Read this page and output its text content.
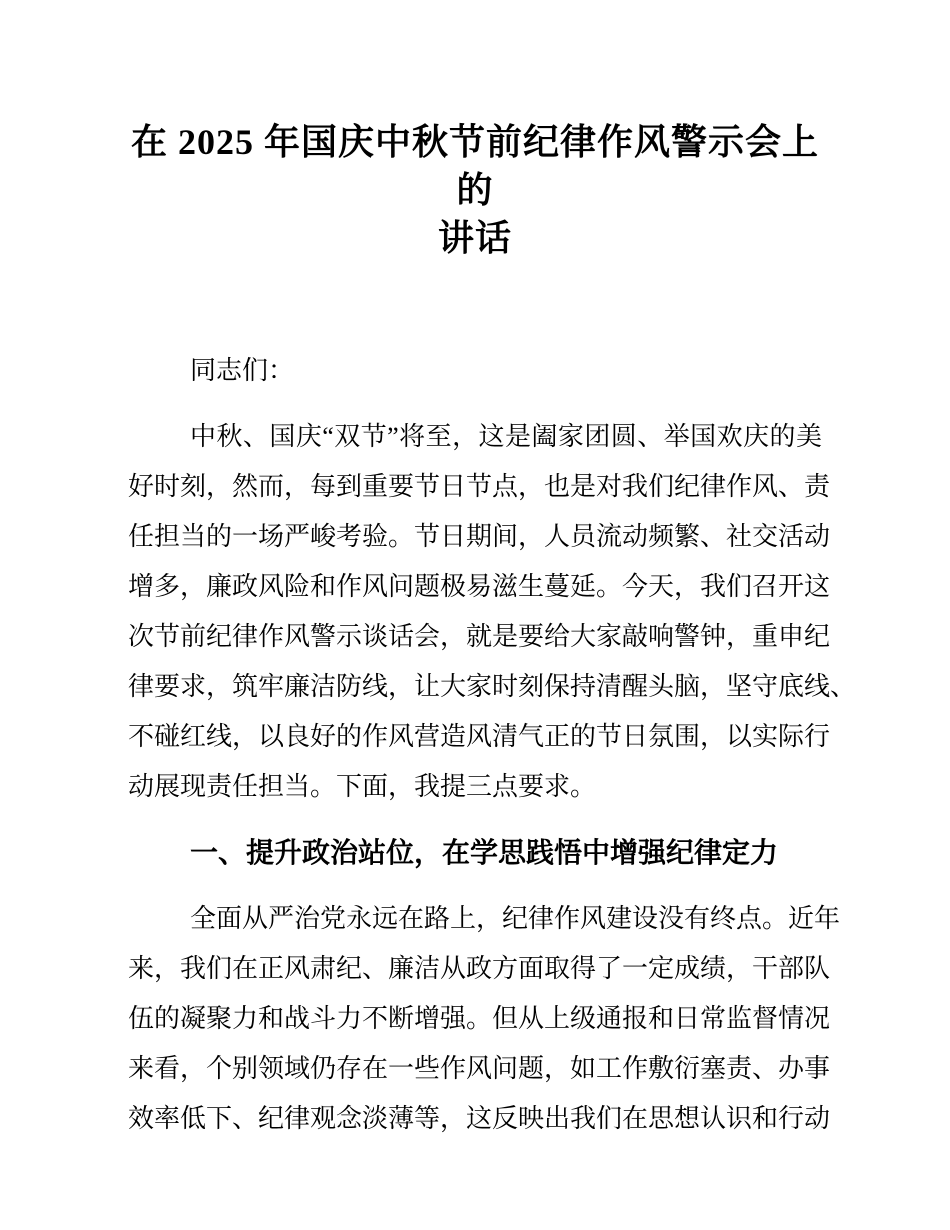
在 2025 年国庆中秋节前纪律作风警示会上的
讲话
同志们：
中秋、国庆“双节”将至，这是阖家团圆、举国欢庆的美
好时刻，然而，每到重要节日节点，也是对我们纪律作风、责
任担当的一场严峻考验。节日期间，人员流动频繁、社交活动
增多，廉政风险和作风问题极易滋生蔓延。今天，我们召开这
次节前纪律作风警示谈话会，就是要给大家敲响警钟，重申纪
律要求，筑牢廉洁防线，让大家时刻保持清醒头脑，坚守底线、
不碰红线，以良好的作风营造风清气正的节日氛围，以实际行
动展现责任担当。下面，我提三点要求。
一、提升政治站位，在学思践悟中增强纪律定力
全面从严治党永远在路上，纪律作风建设没有终点。近年
来，我们在正风肃纪、廉洁从政方面取得了一定成绩，干部队
伍的凝聚力和战斗力不断增强。但从上级通报和日常监督情况
来看，个别领域仍存在一些作风问题，如工作敷衍塞责、办事
效率低下、纪律观念淡薄等，这反映出我们在思想认识和行动
